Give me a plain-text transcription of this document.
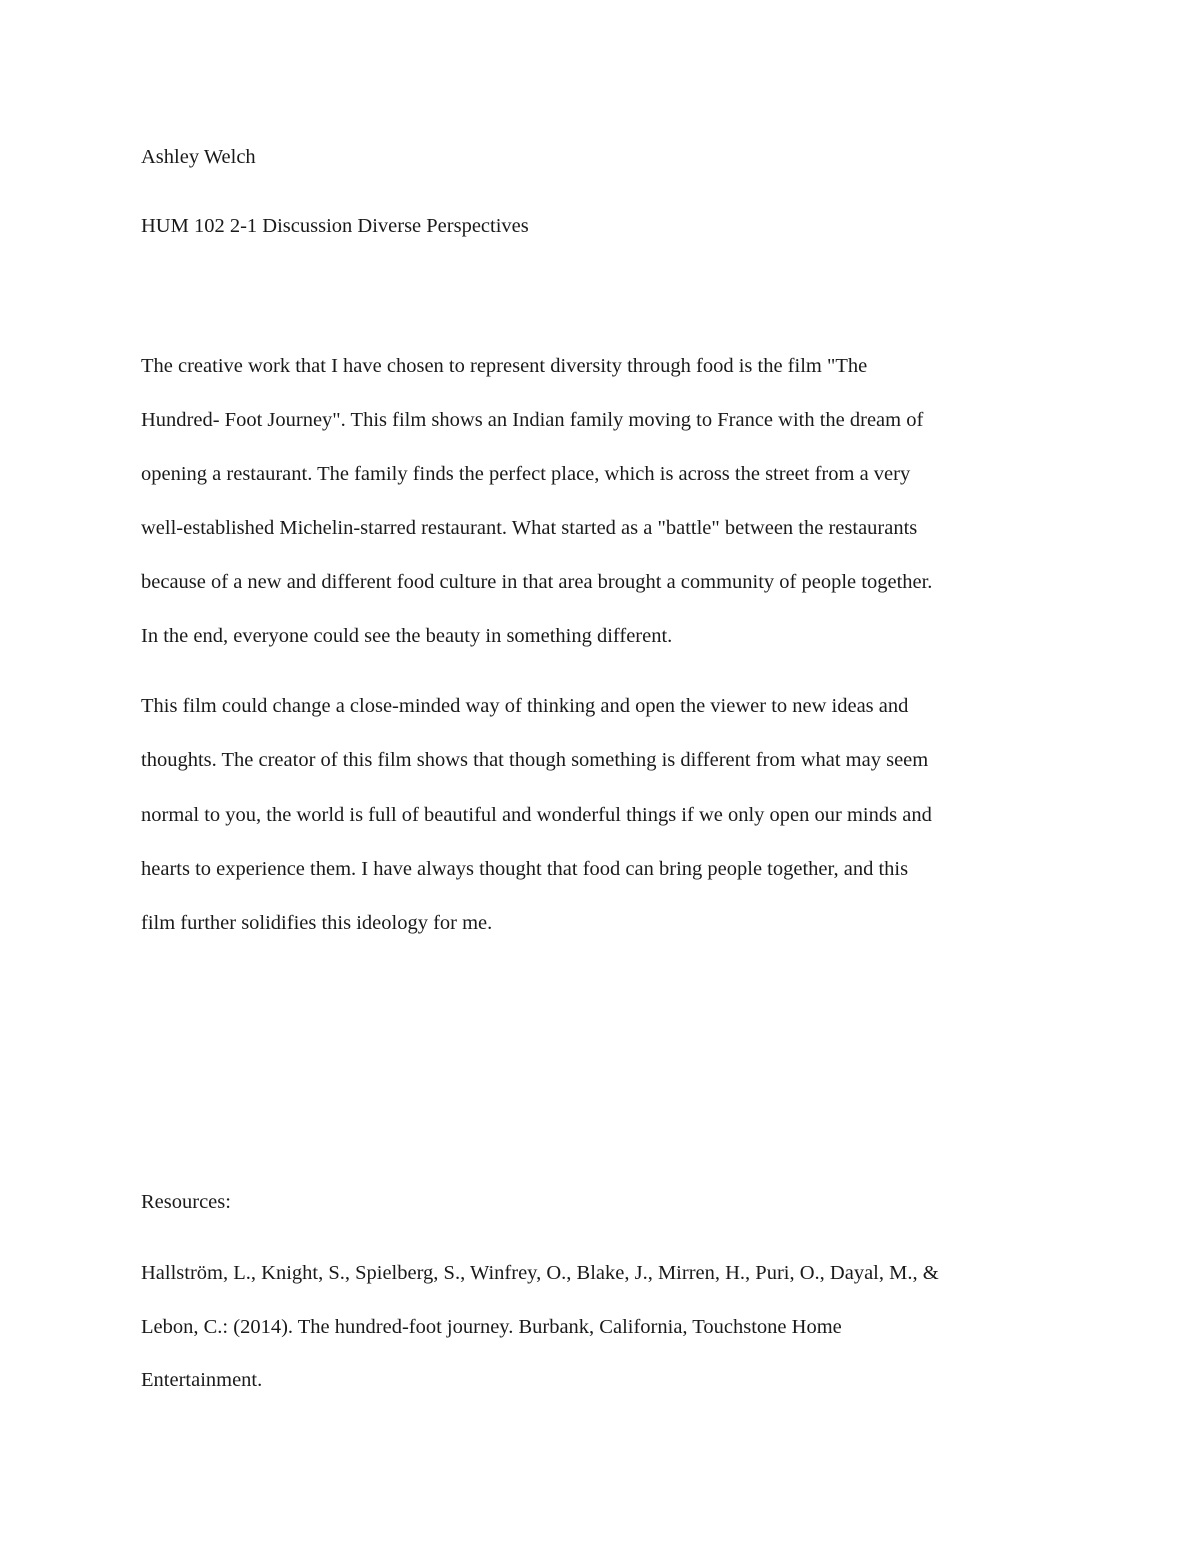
Ashley Welch
HUM 102 2-1 Discussion Diverse Perspectives
The creative work that I have chosen to represent diversity through food is the film "The
Hundred- Foot Journey". This film shows an Indian family moving to France with the dream of
opening a restaurant. The family finds the perfect place, which is across the street from a very
well-established Michelin-starred restaurant. What started as a "battle" between the restaurants
because of a new and different food culture in that area brought a community of people together.
In the end, everyone could see the beauty in something different.
This film could change a close-minded way of thinking and open the viewer to new ideas and
thoughts. The creator of this film shows that though something is different from what may seem
normal to you, the world is full of beautiful and wonderful things if we only open our minds and
hearts to experience them. I have always thought that food can bring people together, and this
film further solidifies this ideology for me.
Resources:
Hallström, L., Knight, S., Spielberg, S., Winfrey, O., Blake, J., Mirren, H., Puri, O., Dayal, M., &
Lebon, C.: (2014). The hundred-foot journey. Burbank, California, Touchstone Home
Entertainment.
